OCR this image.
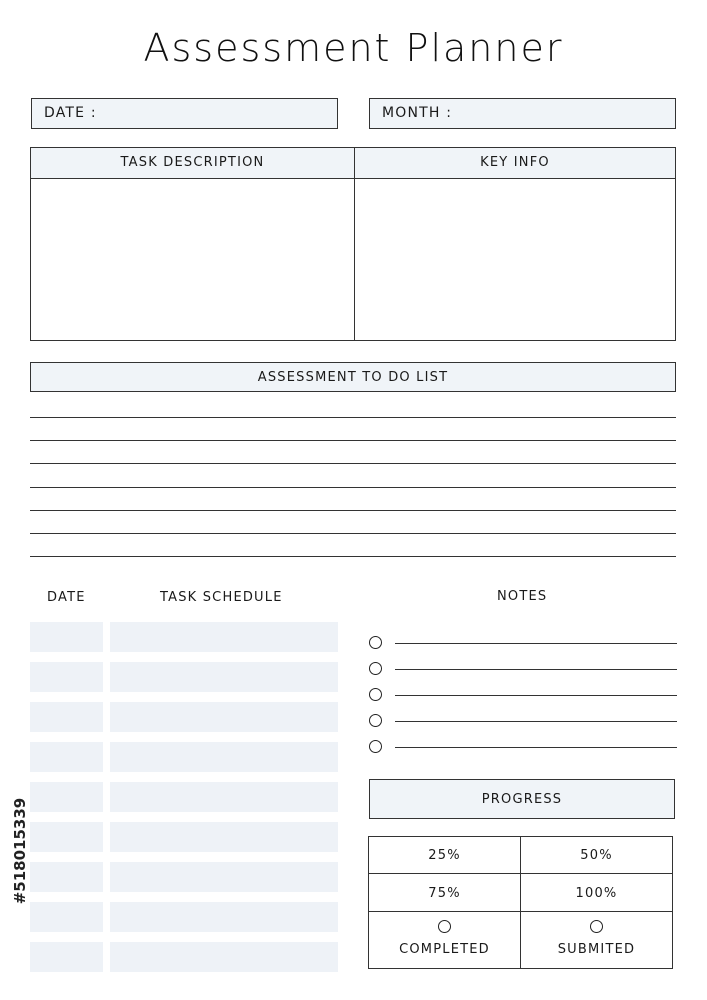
Assessment Planner
DATE :	MONTH :
TASK DESCRIPTION	KEY INFO
ASSESSMENT TO DO LIST
DATE	TASK SCHEDULE	NOTES
PROGRESS
25%	50%
75%	100%
COMPLETED	SUBMITED
#518015339
